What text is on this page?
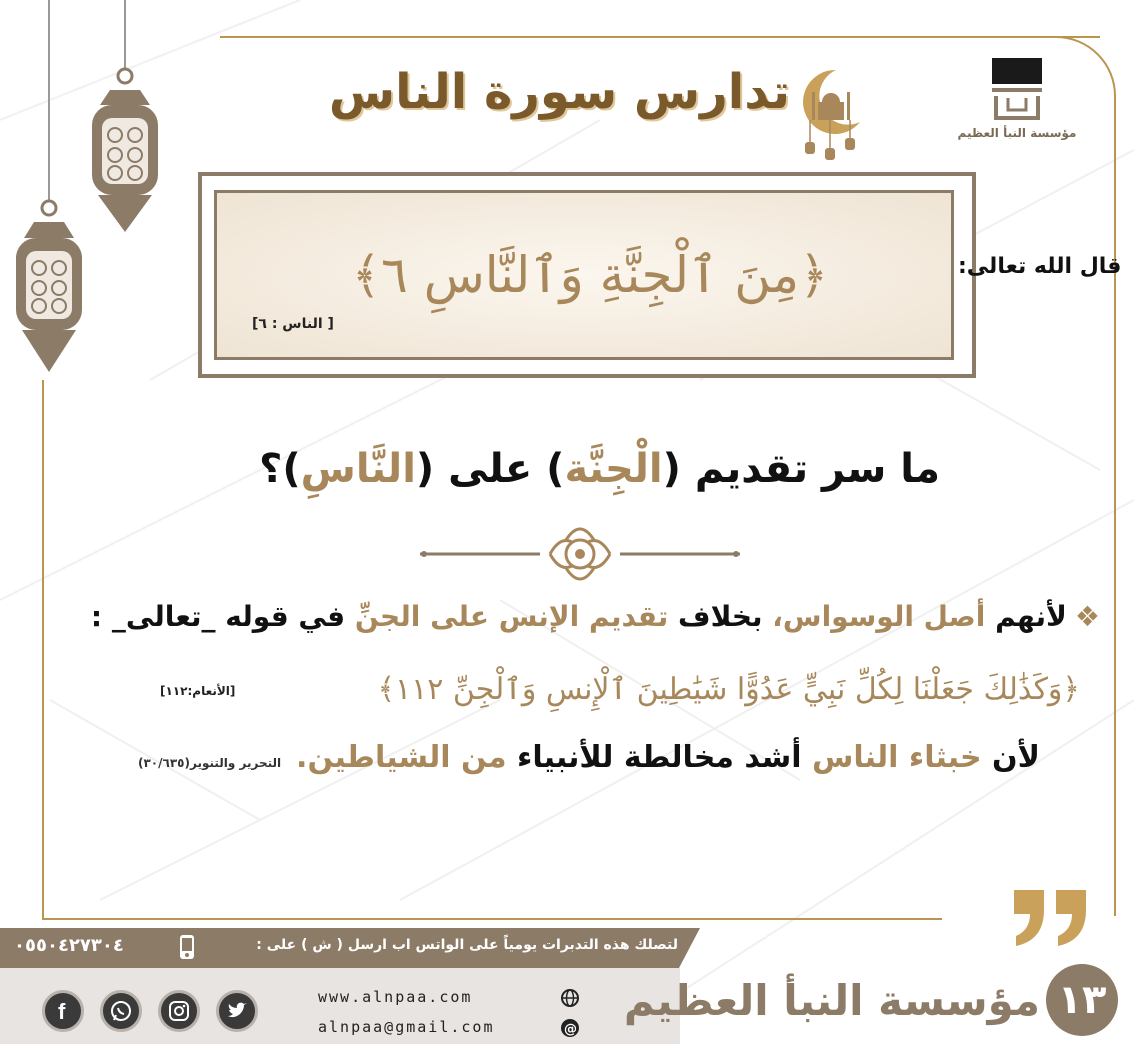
مؤسسة النبأ العظيم
تدارس سورة الناس
﴿مِنَ ٱلْجِنَّةِ وَٱلنَّاسِ ٦﴾
[ الناس : ٦]
قال الله تعالى:
ما سر تقديم (الْجِنَّة) على (النَّاسِ)؟
❖لأنهم أصل الوسواس، بخلاف تقديم الإنس على الجنِّ في قوله _تعالى_ :
﴿وَكَذَٰلِكَ جَعَلْنَا لِكُلِّ نَبِيٍّ عَدُوًّا شَيَٰطِينَ ٱلْإِنسِ وَٱلْجِنِّ ١١٢﴾
[الأنعام:١١٢]
لأن خبثاء الناس أشد مخالطة للأنبياء من الشياطين.
التحرير والتنوير(٣٠/٦٣٥)
١٣
مؤسسة النبأ العظيم
لتصلك هذه التدبرات يومياً على الواتس اب ارسل ( ش ) على :
٠٥٥٠٤٢٧٣٠٤
f
www.alnpaa.com
alnpaa@gmail.com	@
